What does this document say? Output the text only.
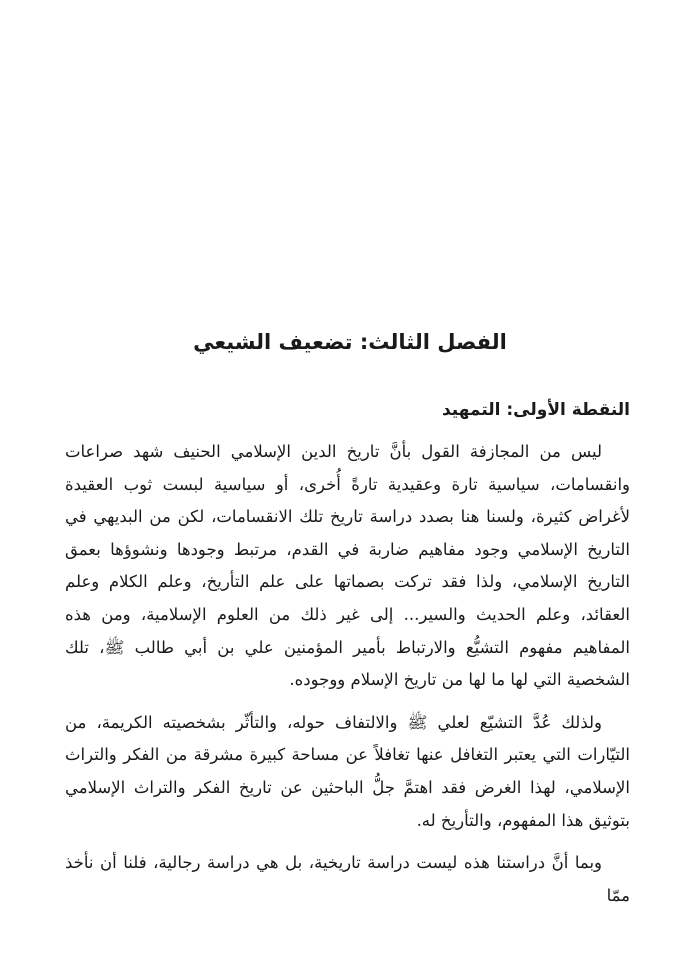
الفصل الثالث: تضعيف الشيعي
النقطة الأولى: التمهيد

ليس من المجازفة القول بأنَّ تاريخ الدين الإسلامي الحنيف شهد صراعات وانقسامات، سياسية تارة وعقيدية تارةً أُخرى، أو سياسية لبست ثوب العقيدة لأغراض كثيرة، ولسنا هنا بصدد دراسة تاريخ تلك الانقسامات، لكن من البديهي في التاريخ الإسلامي وجود مفاهيم ضاربة في القدم، مرتبط وجودها ونشوؤها بعمق التاريخ الإسلامي، ولذا فقد تركت بصماتها على علم التأريخ، وعلم الكلام وعلم العقائد، وعلم الحديث والسير... إلى غير ذلك من العلوم الإسلامية، ومن هذه المفاهيم مفهوم التشيُّع والارتباط بأمير المؤمنين علي بن أبي طالب ﷺ، تلك الشخصية التي لها ما لها من تاريخ الإسلام ووجوده.

ولذلك عُدَّ التشيّع لعلي ﷺ والالتفاف حوله، والتأثّر بشخصيته الكريمة، من التيّارات التي يعتبر التغافل عنها تغافلاً عن مساحة كبيرة مشرقة من الفكر والتراث الإسلامي، لهذا الغرض فقد اهتمَّ جلُّ الباحثين عن تاريخ الفكر والتراث الإسلامي بتوثيق هذا المفهوم، والتأريخ له.

وبما أنَّ دراستنا هذه ليست دراسة تاريخية، بل هي دراسة رجالية، فلنا أن نأخذ ممّا
